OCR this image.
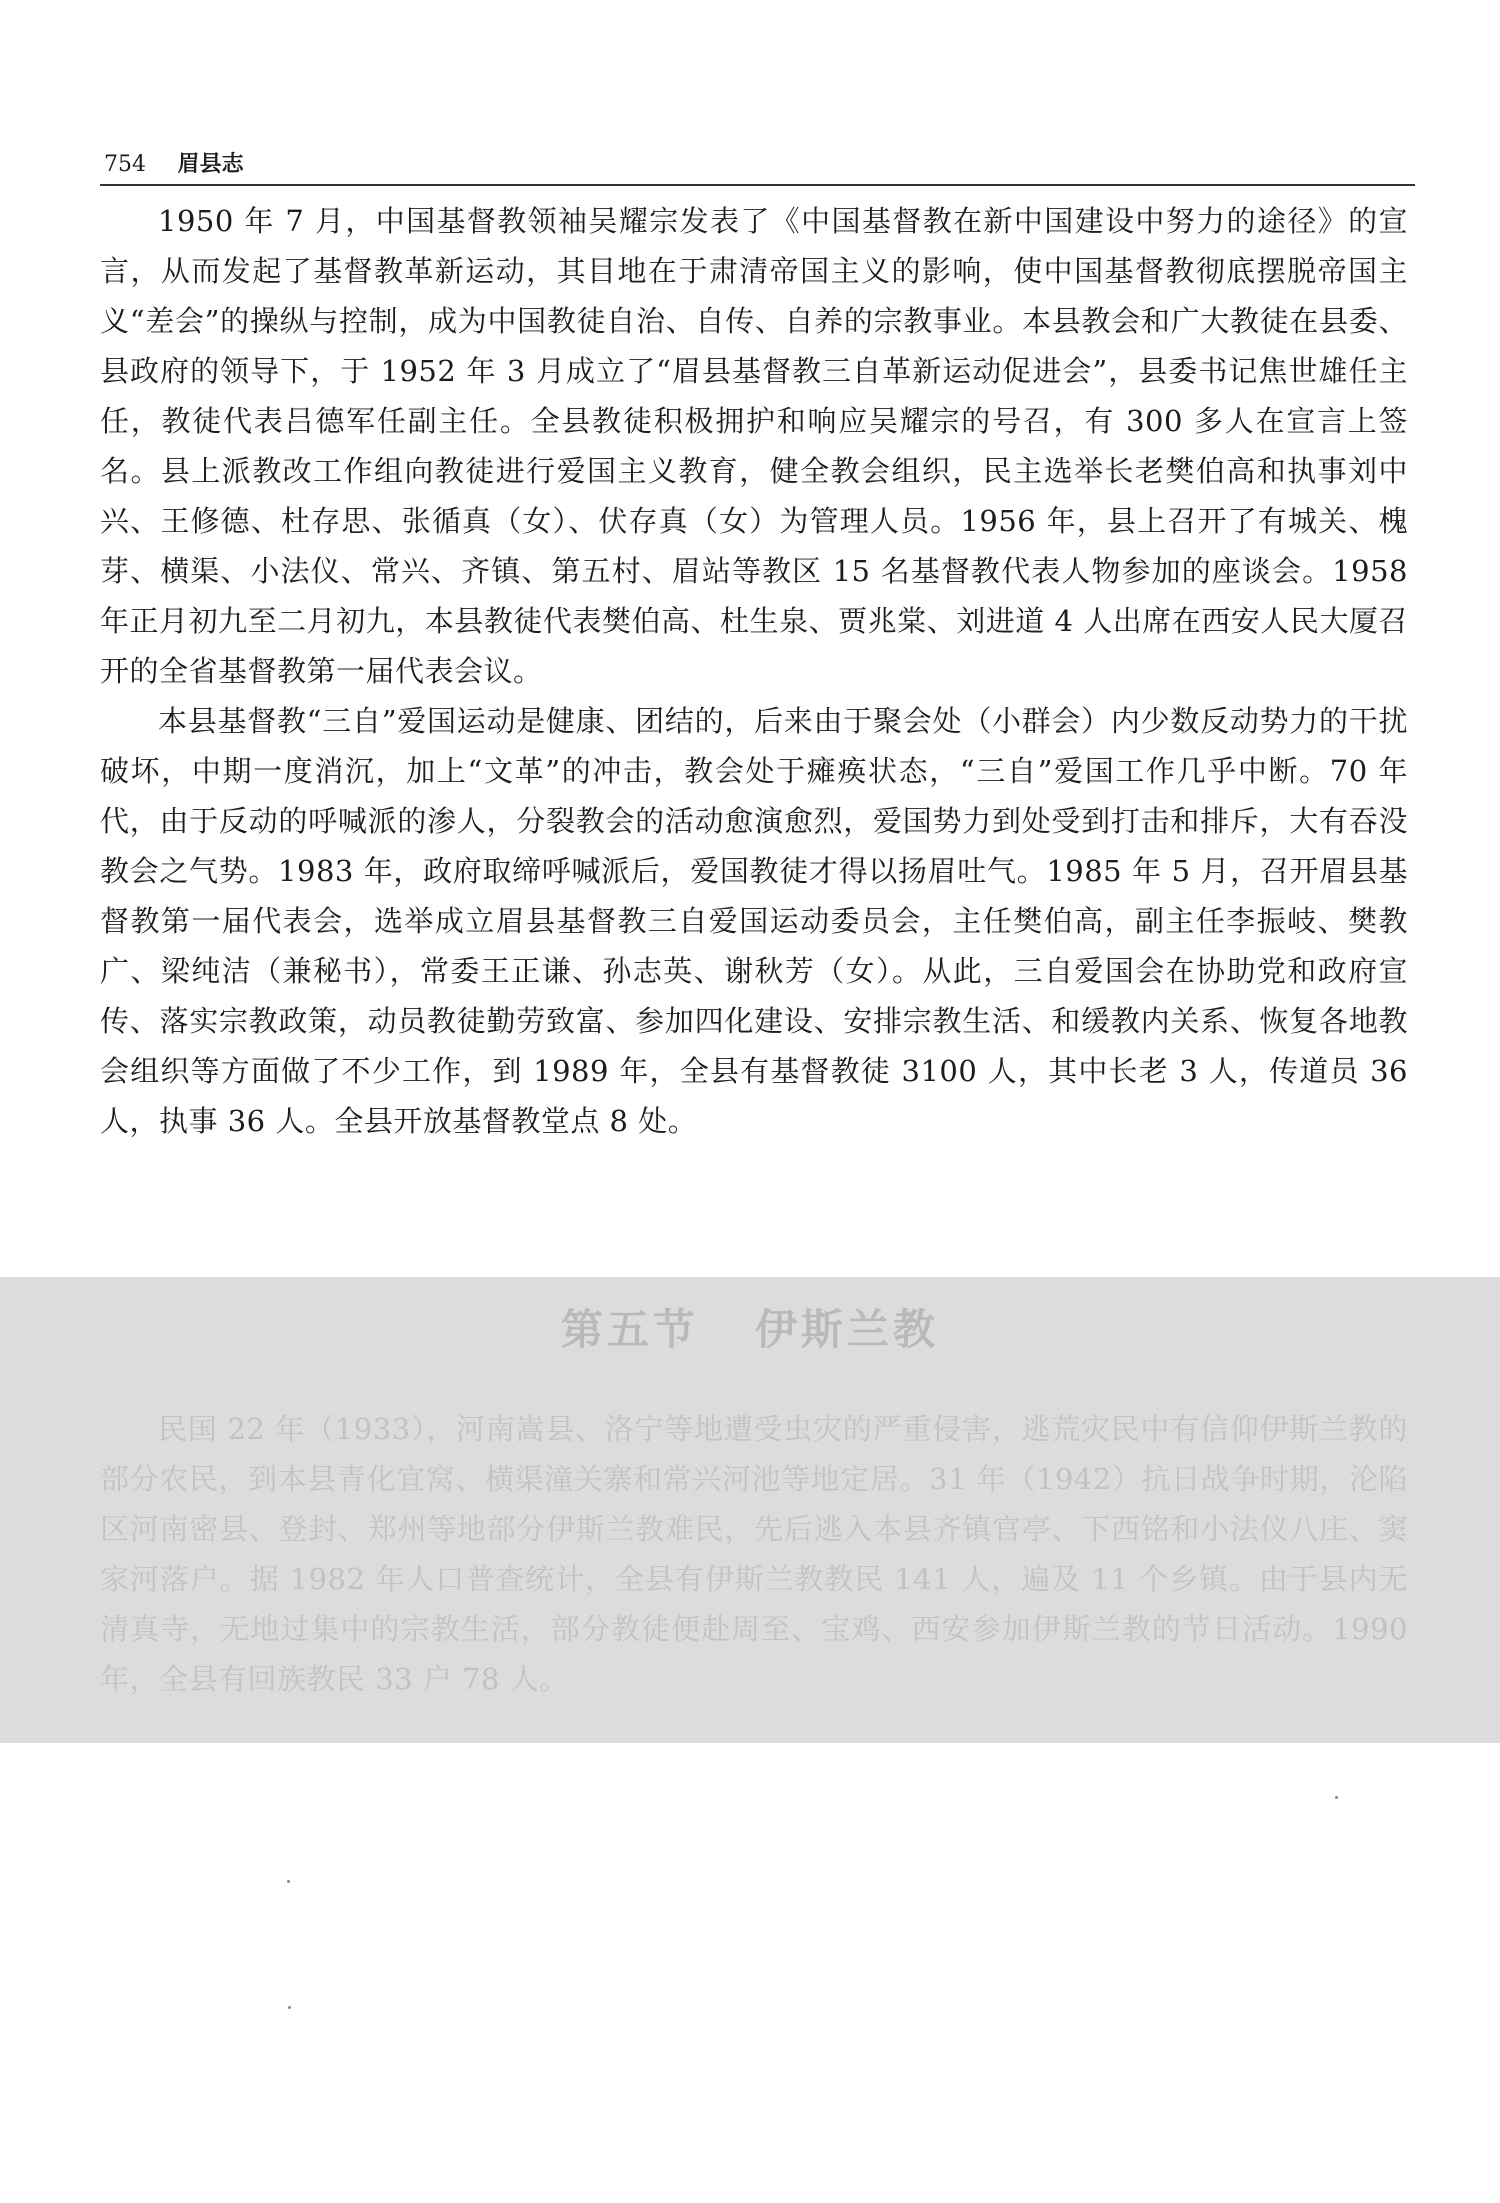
754 眉县志

1950 年 7 月，中国基督教领袖吴耀宗发表了《中国基督教在新中国建设中努力的途径》的宣言，从而发起了基督教革新运动，其目地在于肃清帝国主义的影响，使中国基督教彻底摆脱帝国主义“差会”的操纵与控制，成为中国教徒自治、自传、自养的宗教事业。本县教会和广大教徒在县委、县政府的领导下，于 1952 年 3 月成立了“眉县基督教三自革新运动促进会”，县委书记焦世雄任主任，教徒代表吕德军任副主任。全县教徒积极拥护和响应吴耀宗的号召，有 300 多人在宣言上签名。县上派教改工作组向教徒进行爱国主义教育，健全教会组织，民主选举长老樊伯高和执事刘中兴、王修德、杜存思、张循真（女）、伏存真（女）为管理人员。1956 年，县上召开了有城关、槐芽、横渠、小法仪、常兴、齐镇、第五村、眉站等教区 15 名基督教代表人物参加的座谈会。1958 年正月初九至二月初九，本县教徒代表樊伯高、杜生泉、贾兆棠、刘进道 4 人出席在西安人民大厦召开的全省基督教第一届代表会议。

本县基督教“三自”爱国运动是健康、团结的，后来由于聚会处（小群会）内少数反动势力的干扰破坏，中期一度消沉，加上“文革”的冲击，教会处于瘫痪状态，“三自”爱国工作几乎中断。70 年代，由于反动的呼喊派的渗人，分裂教会的活动愈演愈烈，爱国势力到处受到打击和排斥，大有吞没教会之气势。1983 年，政府取缔呼喊派后，爱国教徒才得以扬眉吐气。1985 年 5 月，召开眉县基督教第一届代表会，选举成立眉县基督教三自爱国运动委员会，主任樊伯高，副主任李振岐、樊教广、梁纯洁（兼秘书），常委王正谦、孙志英、谢秋芳（女）。从此，三自爱国会在协助党和政府宣传、落实宗教政策，动员教徒勤劳致富、参加四化建设、安排宗教生活、和缓教内关系、恢复各地教会组织等方面做了不少工作，到 1989 年，全县有基督教徒 3100 人，其中长老 3 人，传道员 36 人，执事 36 人。全县开放基督教堂点 8 处。

第五节 伊斯兰教

民国 22 年（1933），河南嵩县、洛宁等地遭受虫灾的严重侵害，逃荒灾民中有信仰伊斯兰教的部分农民，到本县青化宜窝、横渠潼关寨和常兴河池等地定居。31 年（1942）抗日战争时期，沦陷区河南密县、登封、郑州等地部分伊斯兰教难民，先后逃入本县齐镇官亭、下西铭和小法仪八庄、窦家河落户。据 1982 年人口普查统计，全县有伊斯兰教教民 141 人，遍及 11 个乡镇。由于县内无清真寺，无地过集中的宗教生活，部分教徒便赴周至、宝鸡、西安参加伊斯兰教的节日活动。1990 年，全县有回族教民 33 户 78 人。
